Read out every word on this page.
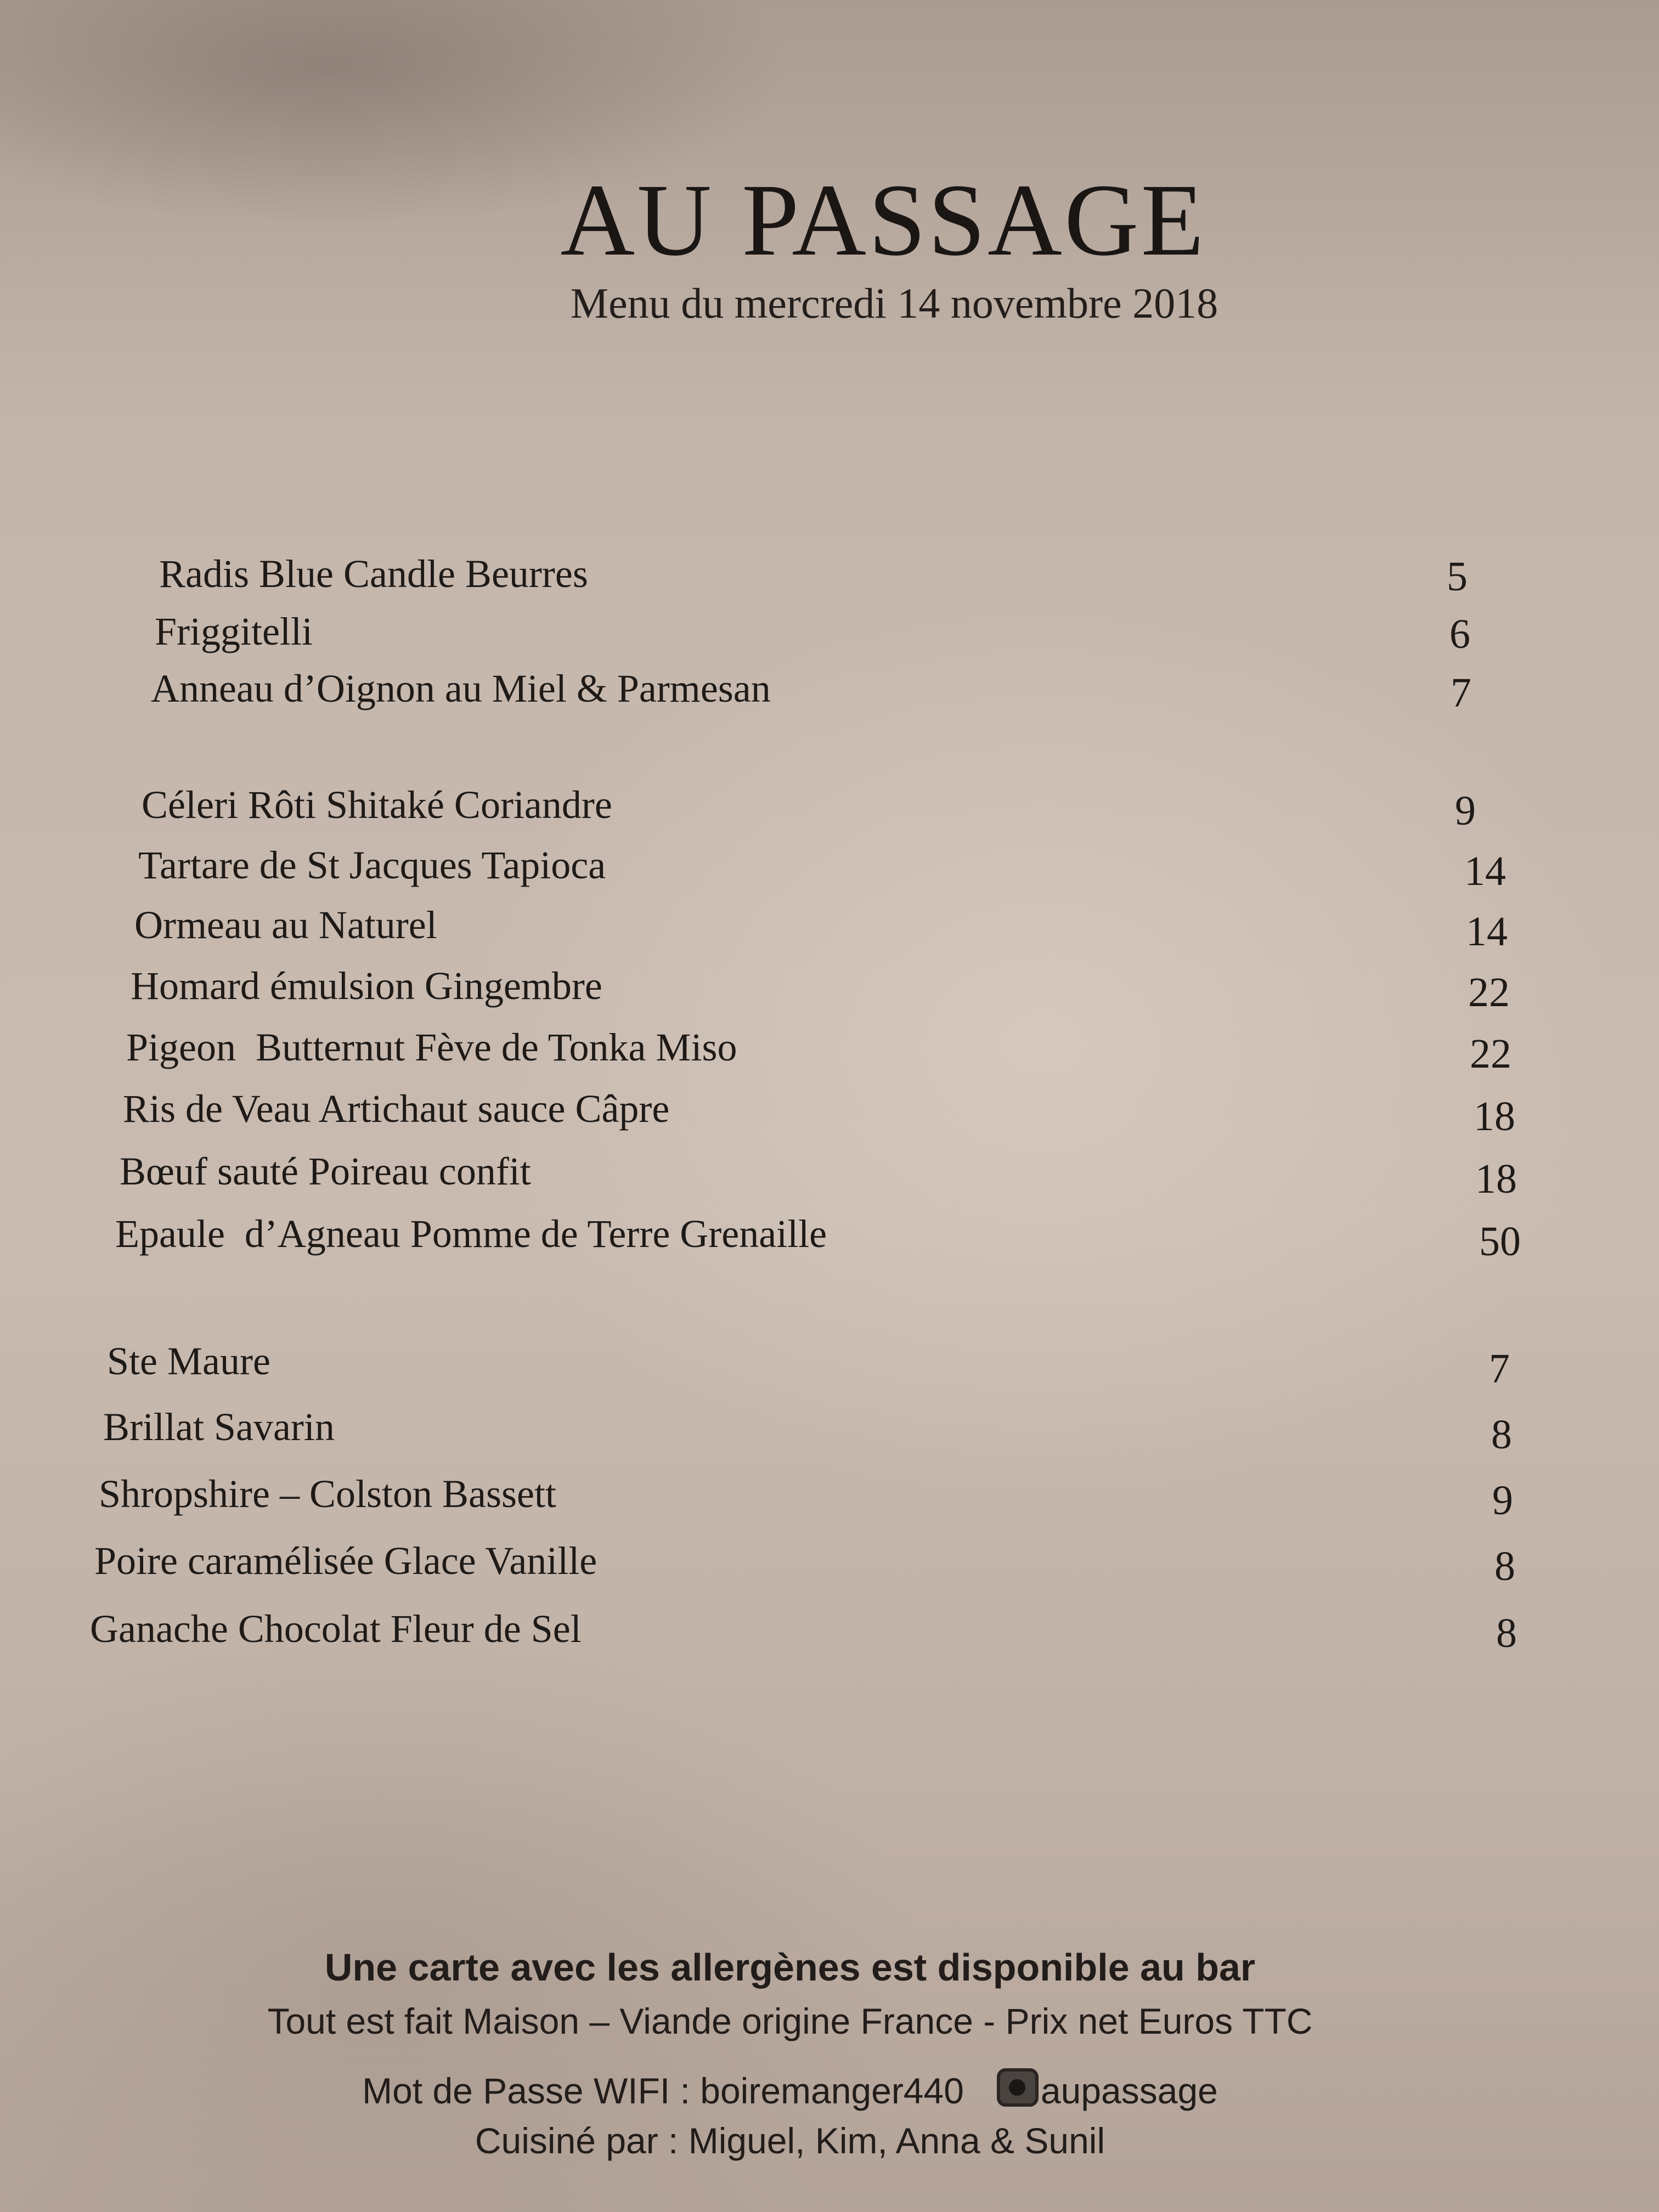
AU PASSAGE
Menu du mercredi 14 novembre 2018
Radis Blue Candle Beurres	5
Friggitelli	6
Anneau d’Oignon au Miel & Parmesan	7
Céleri Rôti Shitaké Coriandre	9
Tartare de St Jacques Tapioca	14
Ormeau au Naturel	14
Homard émulsion Gingembre	22
Pigeon  Butternut Fève de Tonka Miso	22
Ris de Veau Artichaut sauce Câpre	18
Bœuf sauté Poireau confit	18
Epaule  d’Agneau Pomme de Terre Grenaille	50
Ste Maure	7
Brillat Savarin	8
Shropshire – Colston Bassett	9
Poire caramélisée Glace Vanille	8
Ganache Chocolat Fleur de Sel	8
Une carte avec les allergènes est disponible au bar
Tout est fait Maison – Viande origine France - Prix net Euros TTC
Mot de Passe WIFI : boiremanger440 aupassage
Cuisiné par : Miguel, Kim, Anna & Sunil
